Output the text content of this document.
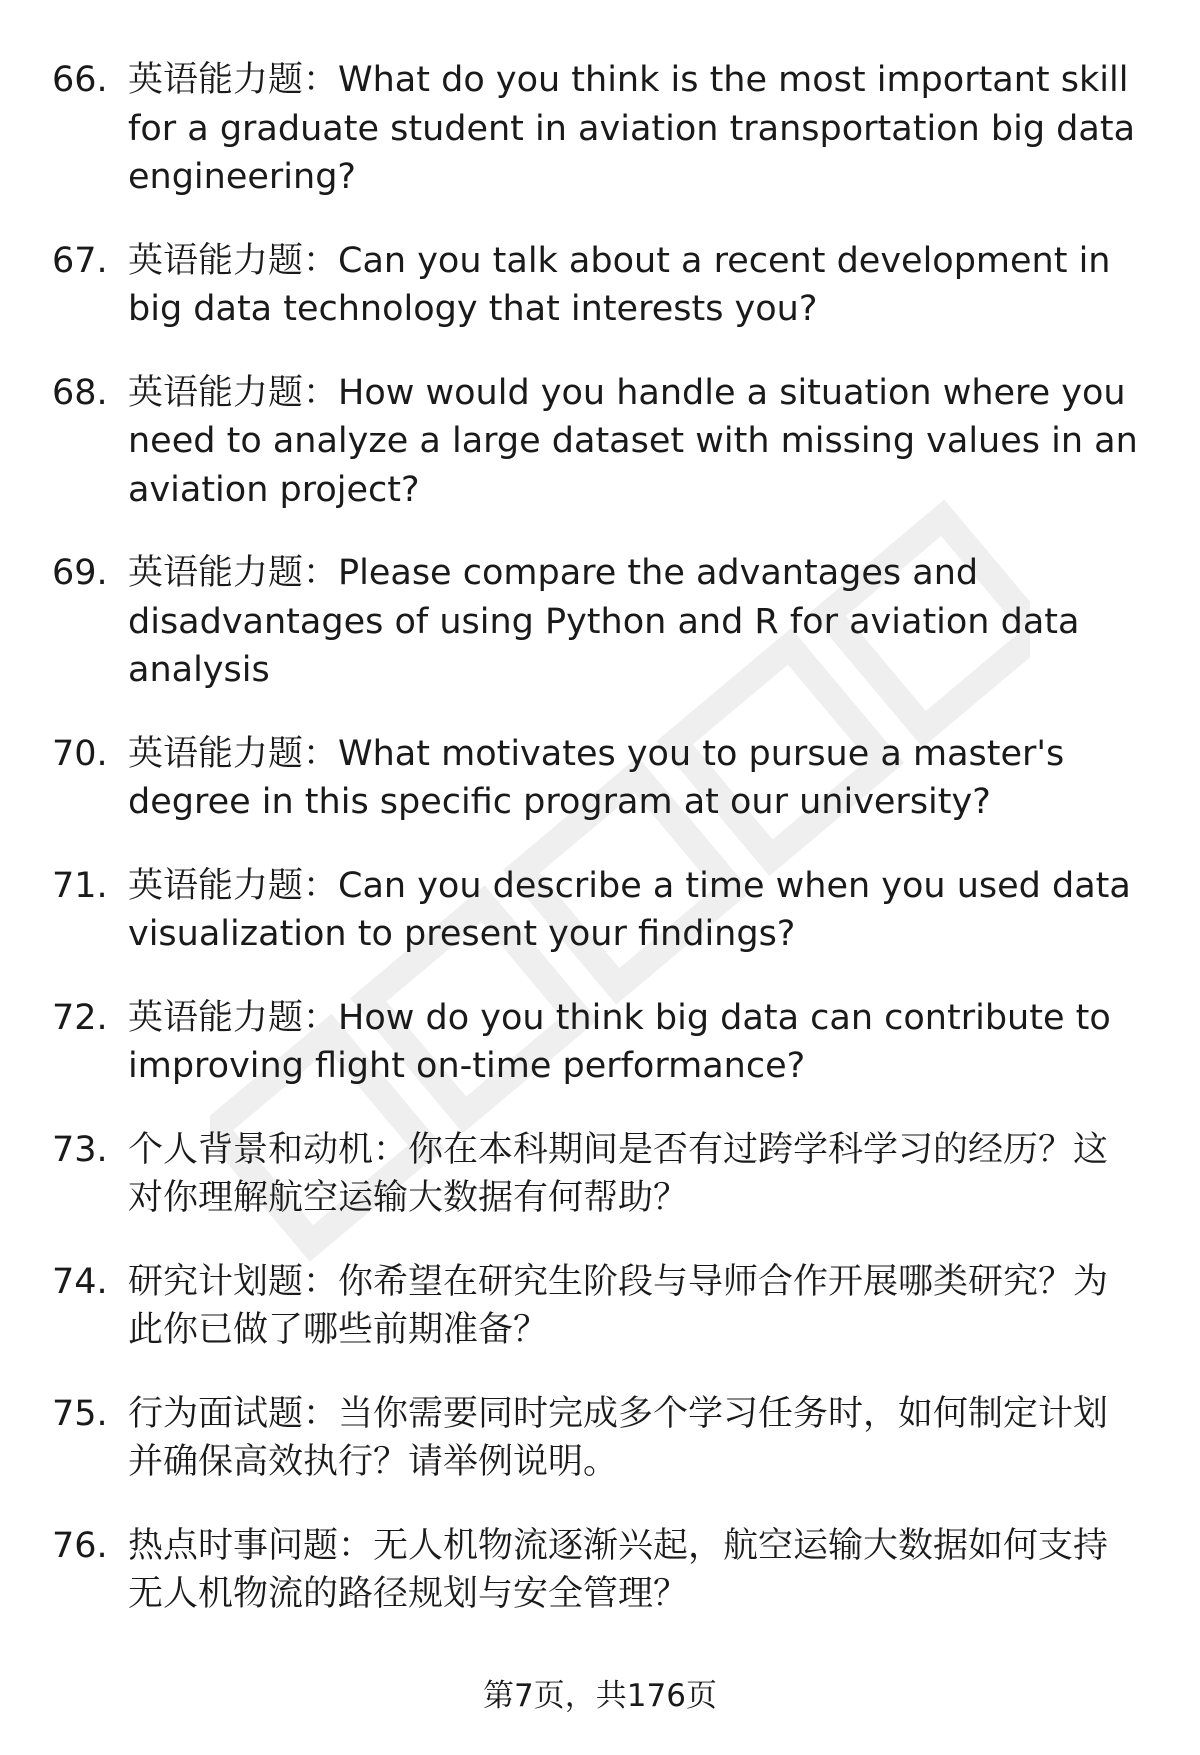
66. 英语能力题：What do you think is the most important skill for a graduate student in aviation transportation big data engineering?
67. 英语能力题：Can you talk about a recent development in big data technology that interests you?
68. 英语能力题：How would you handle a situation where you need to analyze a large dataset with missing values in an aviation project?
69. 英语能力题：Please compare the advantages and disadvantages of using Python and R for aviation data analysis
70. 英语能力题：What motivates you to pursue a master's degree in this specific program at our university?
71. 英语能力题：Can you describe a time when you used data visualization to present your findings?
72. 英语能力题：How do you think big data can contribute to improving flight on-time performance?
73. 个人背景和动机：你在本科期间是否有过跨学科学习的经历？这对你理解航空运输大数据有何帮助？
74. 研究计划题：你希望在研究生阶段与导师合作开展哪类研究？为此你已做了哪些前期准备？
75. 行为面试题：当你需要同时完成多个学习任务时，如何制定计划并确保高效执行？请举例说明。
76. 热点时事问题：无人机物流逐渐兴起，航空运输大数据如何支持无人机物流的路径规划与安全管理？
第7页，共176页
